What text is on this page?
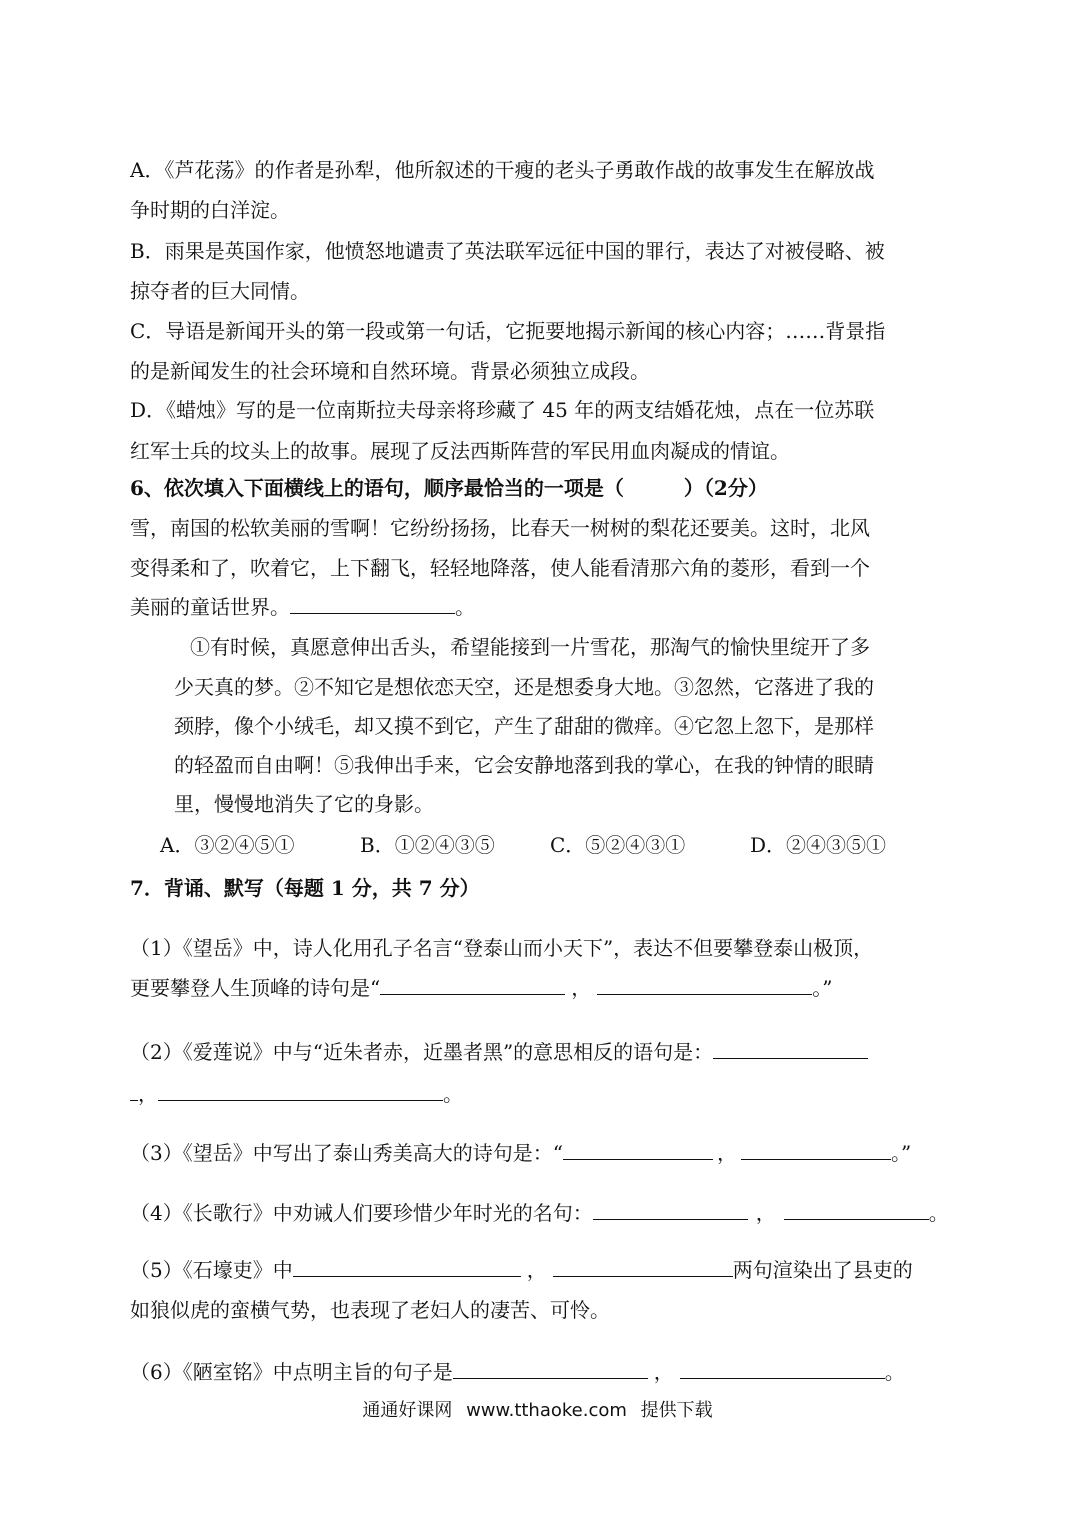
A．《芦花荡》的作者是孙犁，他所叙述的干瘦的老头子勇敢作战的故事发生在解放战
争时期的白洋淀。
B．雨果是英国作家，他愤怒地谴责了英法联军远征中国的罪行，表达了对被侵略、被
掠夺者的巨大同情。
C．导语是新闻开头的第一段或第一句话，它扼要地揭示新闻的核心内容；……背景指
的是新闻发生的社会环境和自然环境。背景必须独立成段。
D．《蜡烛》写的是一位南斯拉夫母亲将珍藏了 45 年的两支结婚花烛，点在一位苏联
红军士兵的坟头上的故事。展现了反法西斯阵营的军民用血肉凝成的情谊。
6、依次填入下面横线上的语句，顺序最恰当的一项是（　　　）（2分）
雪，南国的松软美丽的雪啊！它纷纷扬扬，比春天一树树的梨花还要美。这时，北风
变得柔和了，吹着它，上下翻飞，轻轻地降落，使人能看清那六角的菱形，看到一个
美丽的童话世界。	。
①有时候，真愿意伸出舌头，希望能接到一片雪花，那淘气的愉快里绽开了多
少天真的梦。②不知它是想依恋天空，还是想委身大地。③忽然，它落进了我的
颈脖，像个小绒毛，却又摸不到它，产生了甜甜的微痒。④它忽上忽下，是那样
的轻盈而自由啊！⑤我伸出手来，它会安静地落到我的掌心，在我的钟情的眼睛
里，慢慢地消失了它的身影。
A．③②④⑤①	B．①②④③⑤	C．⑤②④③①	D．②④③⑤①
7．背诵、默写（每题 1 分，共 7 分）
（1）《望岳》中，诗人化用孔子名言“登泰山而小天下”，表达不但要攀登泰山极顶，
更要攀登人生顶峰的诗句是“	，	。”
（2）《爱莲说》中与“近朱者赤，近墨者黑”的意思相反的语句是：
，	。
（3）《望岳》中写出了泰山秀美高大的诗句是：“	，	。”
（4）《长歌行》中劝诫人们要珍惜少年时光的名句：	，	。
（5）《石壕吏》中	，	两句渲染出了县吏的
如狼似虎的蛮横气势，也表现了老妇人的凄苦、可怜。
（6）《陋室铭》中点明主旨的句子是	，	。
通通好课网 www.tthaoke.com 提供下载
